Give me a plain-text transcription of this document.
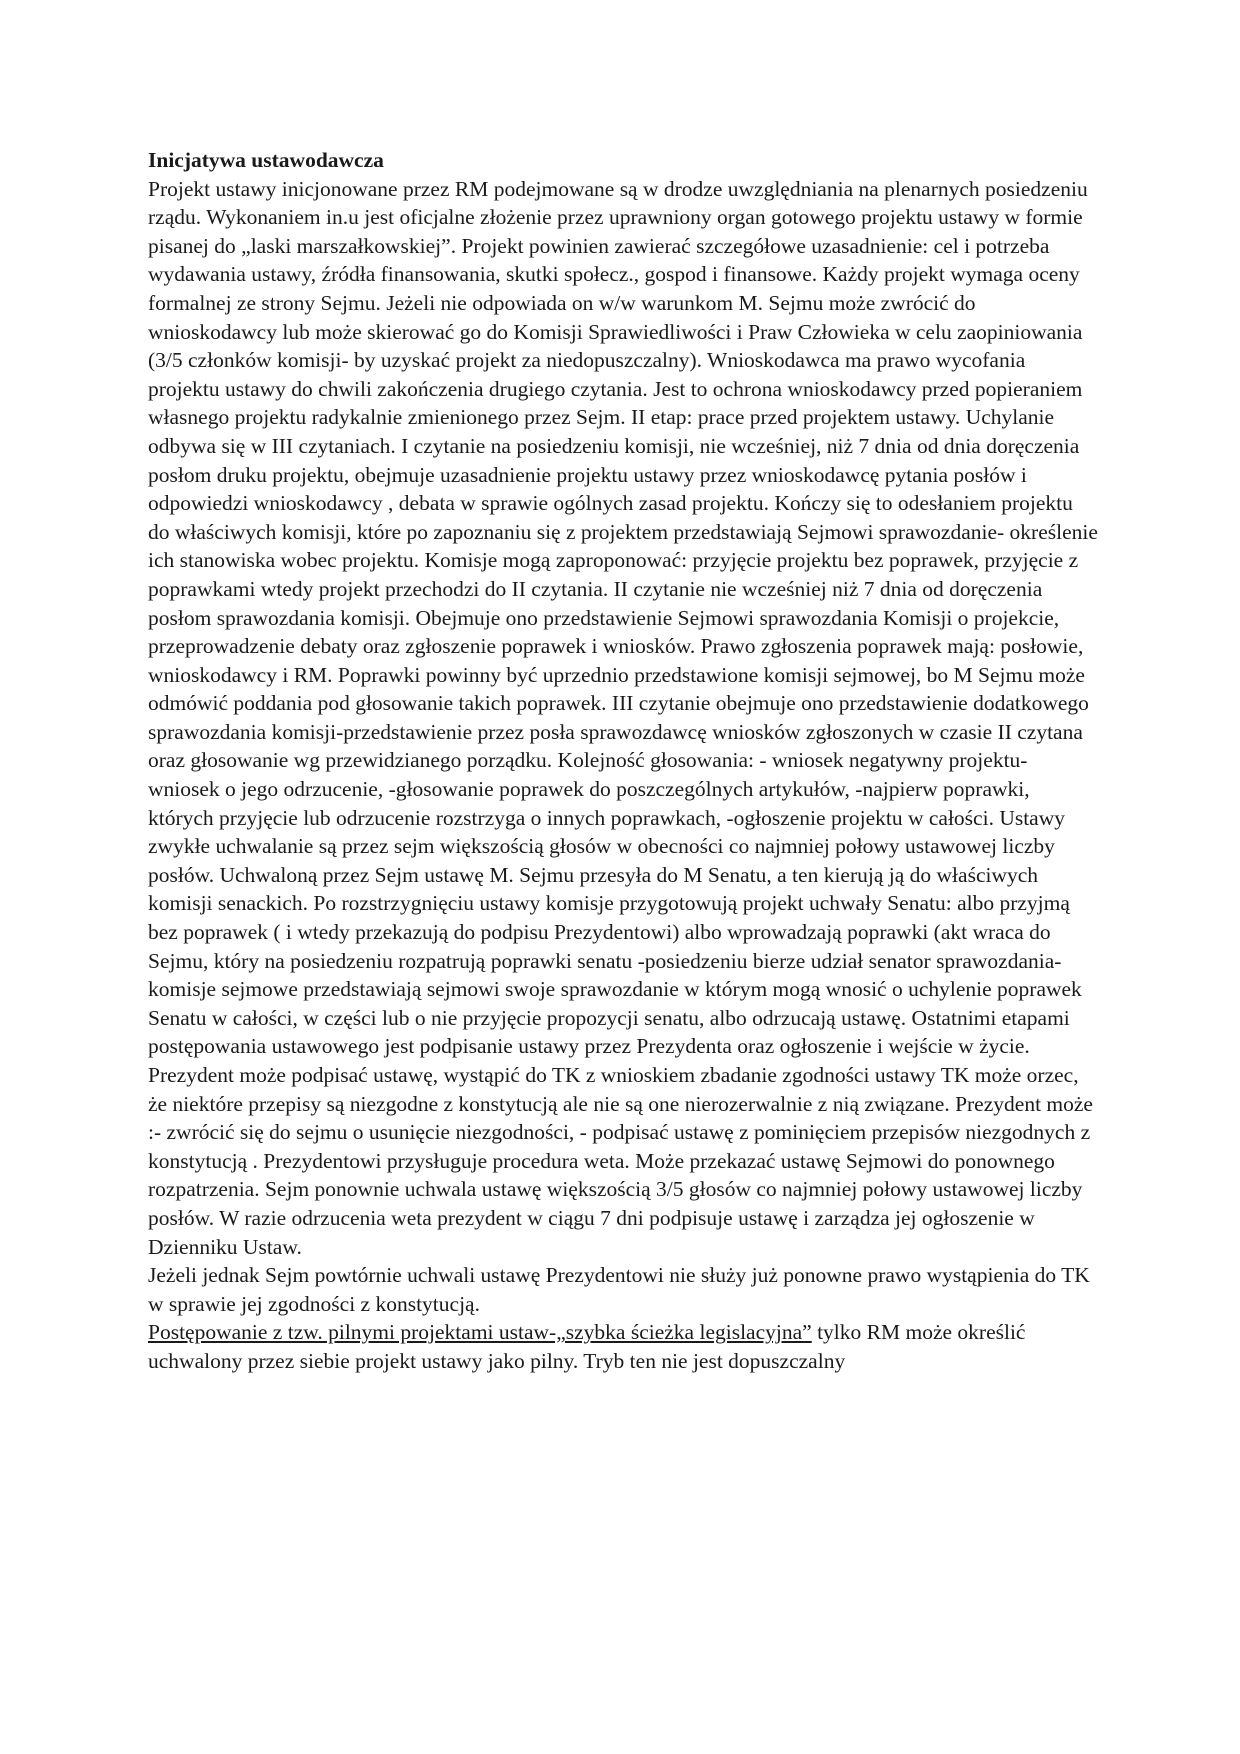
Inicjatywa ustawodawcza

Projekt ustawy inicjonowane przez RM podejmowane są w drodze uwzględniania na plenarnych posiedzeniu rządu. Wykonaniem in.u jest oficjalne złożenie przez uprawniony organ gotowego projektu ustawy w formie pisanej do „laski marszałkowskiej”. Projekt powinien zawierać szczegółowe uzasadnienie: cel i potrzeba wydawania ustawy, źródła finansowania, skutki społecz., gospod i finansowe. Każdy projekt wymaga oceny formalnej ze strony Sejmu. Jeżeli nie odpowiada on w/w warunkom M. Sejmu może zwrócić do wnioskodawcy lub może skierować go do Komisji Sprawiedliwości i Praw Człowieka w celu zaopiniowania (3/5 członków komisji- by uzyskać projekt za niedopuszczalny). Wnioskodawca ma prawo wycofania projektu ustawy do chwili zakończenia drugiego czytania. Jest to ochrona wnioskodawcy przed popieraniem własnego projektu radykalnie zmienionego przez Sejm. II etap: prace przed projektem ustawy. Uchylanie odbywa się w III czytaniach. I czytanie na posiedzeniu komisji, nie wcześniej, niż 7 dnia od dnia doręczenia posłom druku projektu, obejmuje uzasadnienie projektu ustawy przez wnioskodawcę pytania posłów i odpowiedzi wnioskodawcy , debata w sprawie ogólnych zasad projektu. Kończy się to odesłaniem projektu do właściwych komisji, które po zapoznaniu się z projektem przedstawiają Sejmowi sprawozdanie- określenie ich stanowiska wobec projektu. Komisje mogą zaproponować: przyjęcie projektu bez poprawek, przyjęcie z poprawkami wtedy projekt przechodzi do II czytania. II czytanie nie wcześniej niż 7 dnia od doręczenia posłom sprawozdania komisji. Obejmuje ono przedstawienie Sejmowi sprawozdania Komisji o projekcie, przeprowadzenie debaty oraz zgłoszenie poprawek i wniosków. Prawo zgłoszenia poprawek mają: posłowie, wnioskodawcy i RM. Poprawki powinny być uprzednio przedstawione komisji sejmowej, bo M Sejmu może odmówić poddania pod głosowanie takich poprawek. III czytanie obejmuje ono przedstawienie dodatkowego sprawozdania komisji-przedstawienie przez posła sprawozdawcę wniosków zgłoszonych w czasie II czytana oraz głosowanie wg przewidzianego porządku. Kolejność głosowania: - wniosek negatywny projektu-wniosek o jego odrzucenie, -głosowanie poprawek do poszczególnych artykułów, -najpierw poprawki, których przyjęcie lub odrzucenie rozstrzyga o innych poprawkach, -ogłoszenie projektu w całości. Ustawy zwykłe uchwalanie są przez sejm większością głosów w obecności co najmniej połowy ustawowej liczby posłów. Uchwaloną przez Sejm ustawę M. Sejmu przesyła do M Senatu, a ten kierują ją do właściwych komisji senackich. Po rozstrzygnięciu ustawy komisje przygotowują projekt uchwały Senatu: albo przyjmą bez poprawek ( i wtedy przekazują do podpisu Prezydentowi) albo wprowadzają poprawki (akt wraca do Sejmu, który na posiedzeniu rozpatrują poprawki senatu -posiedzeniu bierze udział senator sprawozdania- komisje sejmowe przedstawiają sejmowi swoje sprawozdanie w którym mogą wnosić o uchylenie poprawek Senatu w całości, w części lub o nie przyjęcie propozycji senatu, albo odrzucają ustawę. Ostatnimi etapami postępowania ustawowego jest podpisanie ustawy przez Prezydenta oraz ogłoszenie i wejście w życie. Prezydent może podpisać ustawę, wystąpić do TK z wnioskiem zbadanie zgodności ustawy TK może orzec, że niektóre przepisy są niezgodne z konstytucją ale nie są one nierozerwalnie z nią związane. Prezydent może :- zwrócić się do sejmu o usunięcie niezgodności, - podpisać ustawę z pominięciem przepisów niezgodnych z konstytucją . Prezydentowi przysługuje procedura weta. Może przekazać ustawę Sejmowi do ponownego rozpatrzenia. Sejm ponownie uchwala ustawę większością 3/5 głosów co najmniej połowy ustawowej liczby posłów. W razie odrzucenia weta prezydent w ciągu 7 dni podpisuje ustawę i zarządza jej ogłoszenie w Dzienniku Ustaw.

Jeżeli jednak Sejm powtórnie uchwali ustawę Prezydentowi nie służy już ponowne prawo wystąpienia do TK w sprawie jej zgodności z konstytucją.

Postępowanie z tzw. pilnymi projektami ustaw-„szybka ścieżka legislacyjna” tylko RM może określić uchwalony przez siebie projekt ustawy jako pilny. Tryb ten nie jest dopuszczalny
